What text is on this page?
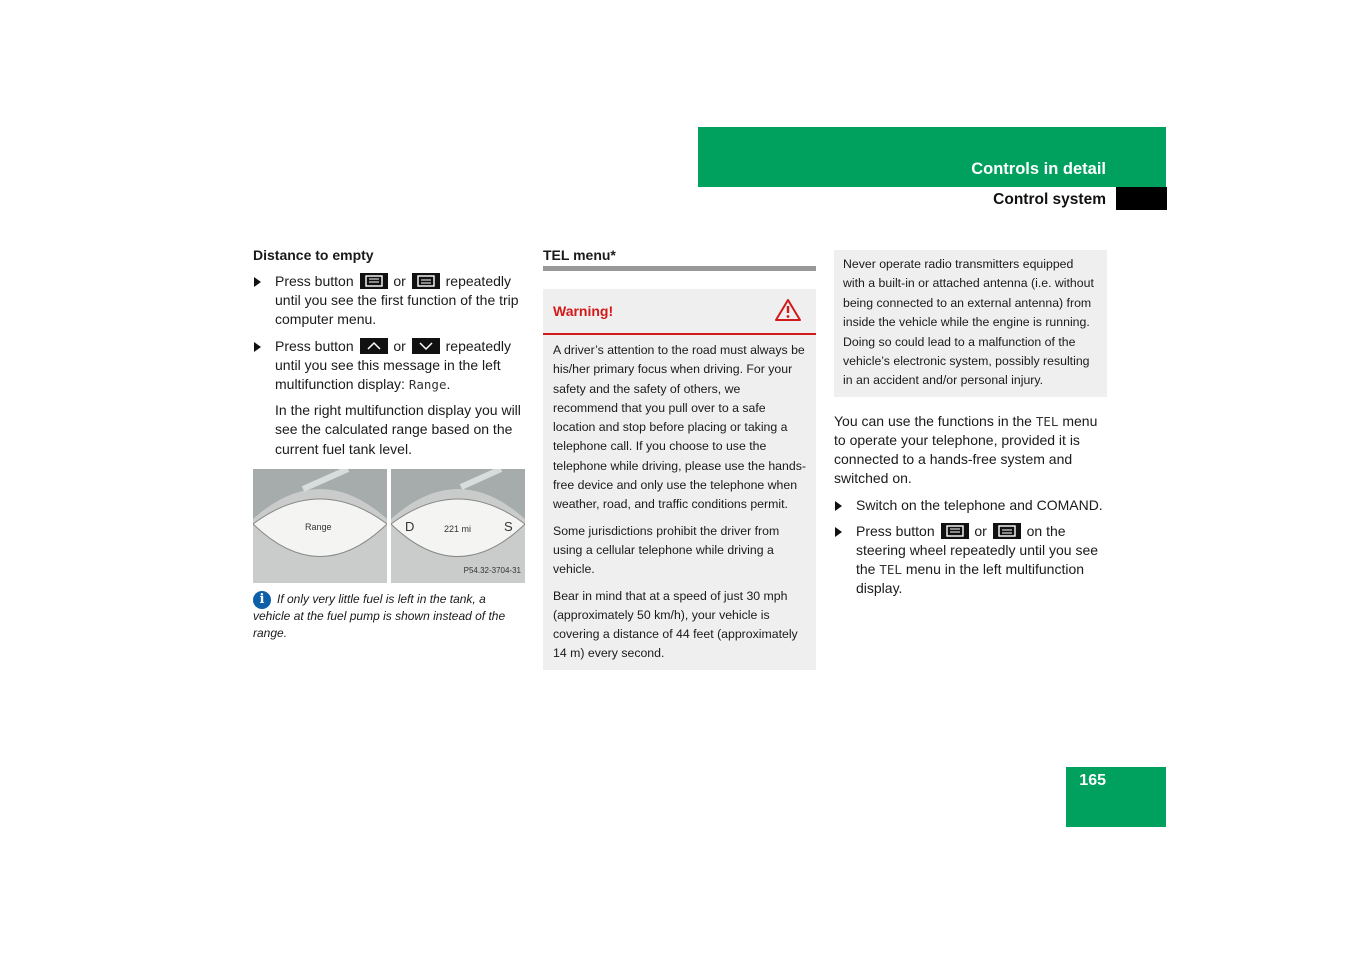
Controls in detail
Control system
Distance to empty
Press button	or	repeatedly until you see the first function of the trip computer menu.
Press button	or	repeatedly until you see this message in the left multifunction display: Range.
In the right multifunction display you will see the calculated range based on the current fuel tank level.
Range	D	221 mi	S
P54.32-3704-31
i	If only very little fuel is left in the tank, a vehicle at the fuel pump is shown instead of the range.
TEL menu*
Warning!

A driver’s attention to the road must always be his/her primary focus when driving. For your safety and the safety of others, we recommend that you pull over to a safe location and stop before placing or taking a telephone call. If you choose to use the telephone while driving, please use the hands-free device and only use the telephone when weather, road, and traffic conditions permit.

Some jurisdictions prohibit the driver from using a cellular telephone while driving a vehicle.

Bear in mind that at a speed of just 30 mph (approximately 50 km/h), your vehicle is covering a distance of 44 feet (approximately 14 m) every second.

Never operate radio transmitters equipped with a built-in or attached antenna (i.e. without being connected to an external antenna) from inside the vehicle while the engine is running. Doing so could lead to a malfunction of the vehicle’s electronic system, possibly resulting in an accident and/or personal injury.

You can use the functions in the TEL menu to operate your telephone, provided it is connected to a hands-free system and switched on.

Switch on the telephone and COMAND.
Press button	or	on the steering wheel repeatedly until you see the TEL menu in the left multifunction display.
165
